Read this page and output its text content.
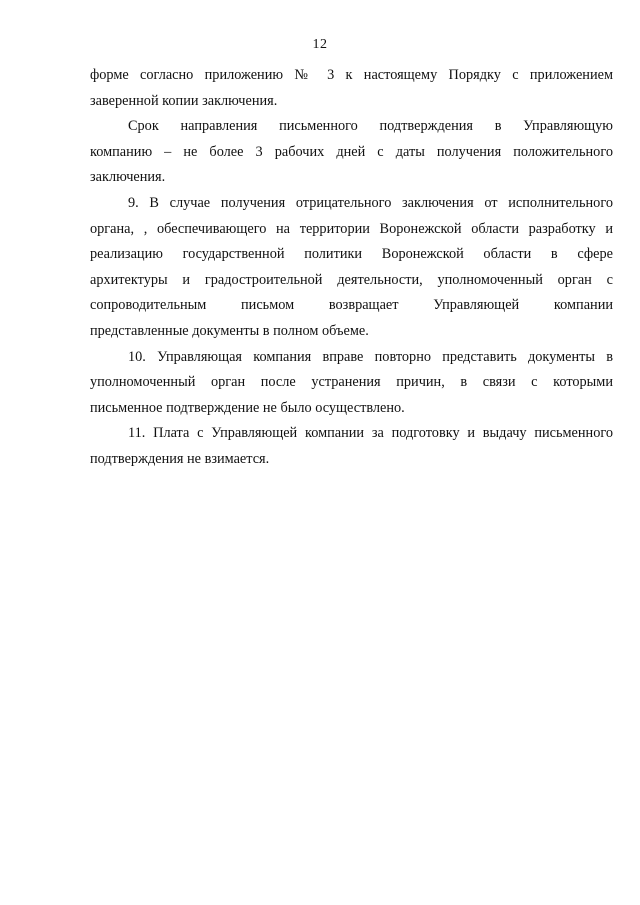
12
форме согласно приложению № 3 к настоящему Порядку с приложением
заверенной копии заключения.
Срок направления письменного подтверждения в Управляющую
компанию – не более 3 рабочих дней с даты получения положительного
заключения.
9. В случае получения отрицательного заключения от исполнительного
органа, , обеспечивающего на территории Воронежской области разработку и
реализацию государственной политики Воронежской области в сфере
архитектуры и градостроительной деятельности, уполномоченный орган с
сопроводительным письмом возвращает Управляющей компании
представленные документы в полном объеме.
10. Управляющая компания вправе повторно представить документы в
уполномоченный орган после устранения причин, в связи с которыми
письменное подтверждение не было осуществлено.
11. Плата с Управляющей компании за подготовку и выдачу письменного
подтверждения не взимается.
